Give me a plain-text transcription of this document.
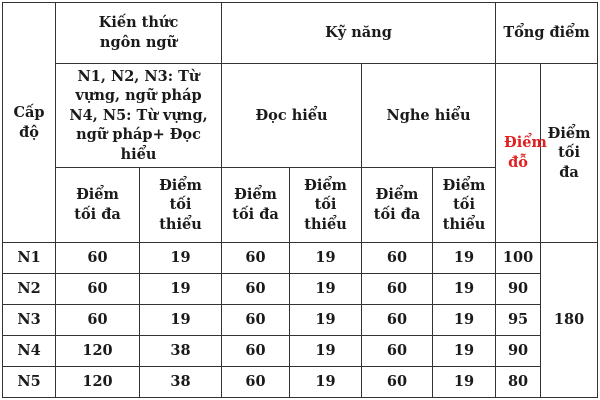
Cấp độ	Kiến thức ngôn ngữ		Kỹ năng				Tổng điểm	
	N1, N2, N3: Từ vựng, ngữ pháp N4, N5: Từ vựng, ngữ pháp+ Đọc hiểu		Đọc hiểu		Nghe hiểu		Điểm đỗ	Điểm tối đa
	Điểm tối đa	Điểm tối thiểu	Điểm tối đa	Điểm tối thiểu	Điểm tối đa	Điểm tối thiểu		
N1	60	19	60	19	60	19	100	180
N2	60	19	60	19	60	19	90	
N3	60	19	60	19	60	19	95	
N4	120	38	60	19	60	19	90	
N5	120	38	60	19	60	19	80	
